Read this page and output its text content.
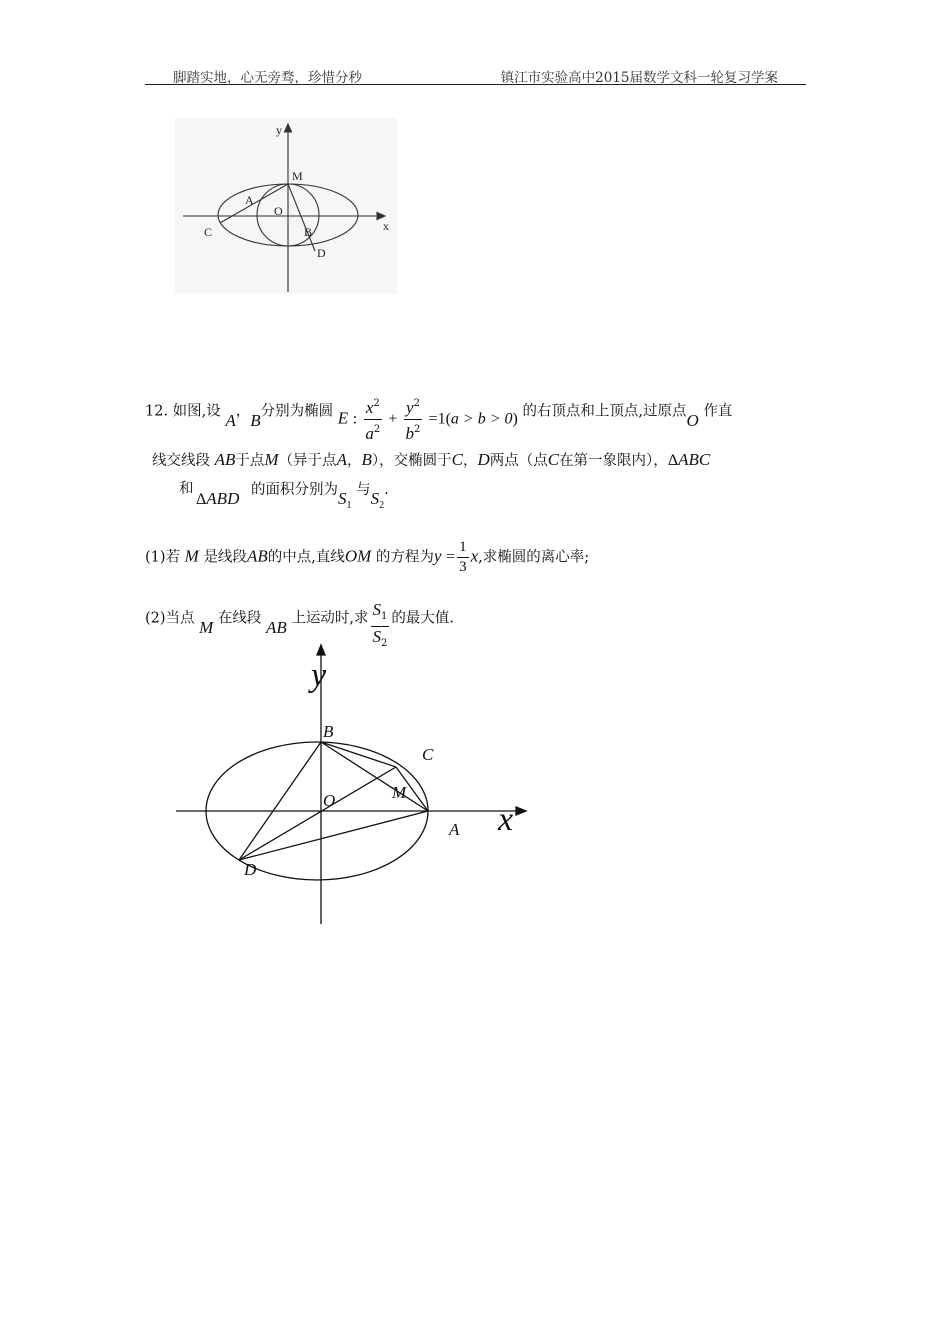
脚踏实地，心无旁骛，珍惜分秒	镇江市实验高中2015届数学文科一轮复习学案
y
x
M
A
O
C	B
D
12. 如图,设 A，B分别为椭圆 E : $\frac{x^2}{a^2} + \frac{y^2}{b^2} =1(a > b > 0)$ 的右顶点和上顶点,过原点O 作直
线交线段 AB于点M（异于点A，B），交椭圆于C，D两点（点C在第一象限内），ΔABC
和
ΔABD 的面积分别为$S_1$ 与$S_2$.
(1)若 M 是线段AB的中点,直线OM 的方程为$y = \frac{1}{3} x$,求椭圆的离心率;
(2)当点 M 在线段 AB 上运动时,求 $\frac{S_1}{S_2}$ 的最大值.
y
x
B
C
O	M
A
D
